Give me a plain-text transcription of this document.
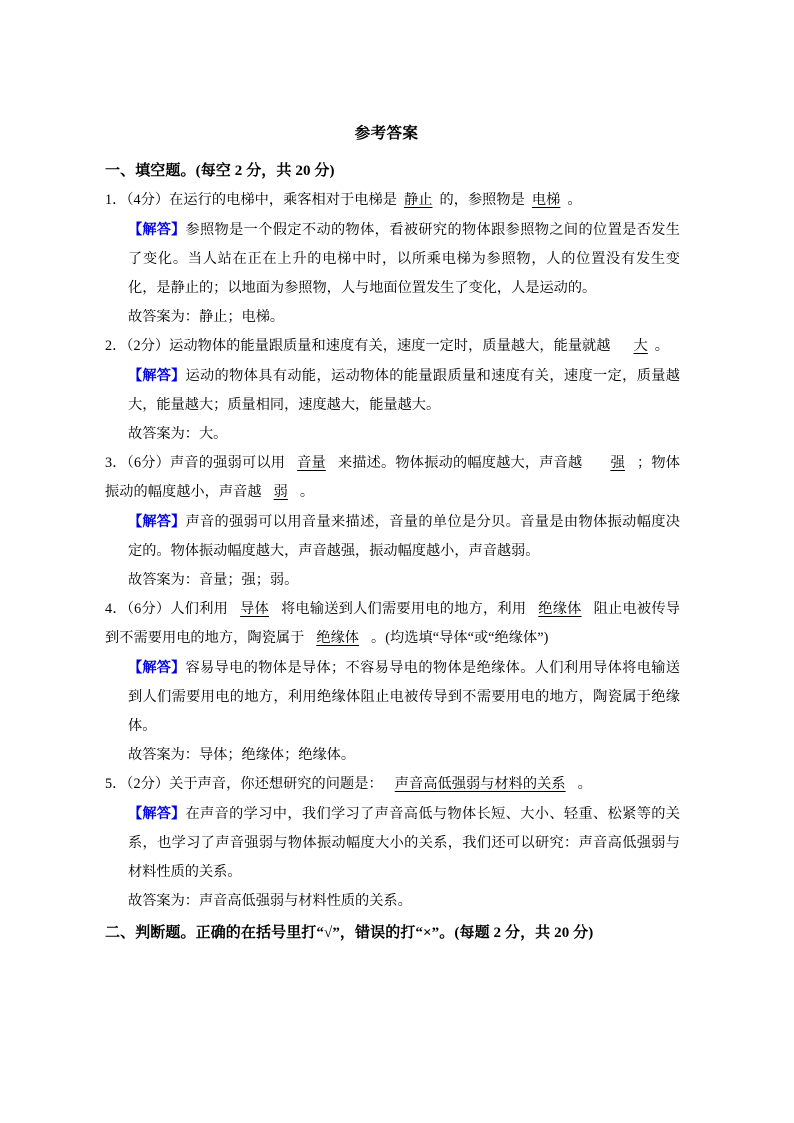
参考答案
一、填空题。(每空 2 分，共 20 分)
1．（4分）在运行的电梯中，乘客相对于电梯是 静止 的，参照物是 电梯 。
【解答】参照物是一个假定不动的物体，看被研究的物体跟参照物之间的位置是否发生了变化。当人站在正在上升的电梯中时，以所乘电梯为参照物，人的位置没有发生变化，是静止的；以地面为参照物，人与地面位置发生了变化，人是运动的。
故答案为：静止；电梯。
2．（2分）运动物体的能量跟质量和速度有关，速度一定时，质量越大，能量就越 大 。
【解答】运动的物体具有动能，运动物体的能量跟质量和速度有关，速度一定，质量越大，能量越大；质量相同，速度越大，能量越大。
故答案为：大。
3．（6分）声音的强弱可以用 音量 来描述。物体振动的幅度越大，声音越 强 ；物体振动的幅度越小，声音越 弱 。
【解答】声音的强弱可以用音量来描述，音量的单位是分贝。音量是由物体振动幅度决定的。物体振动幅度越大，声音越强，振动幅度越小，声音越弱。
故答案为：音量；强；弱。
4．（6分）人们利用 导体 将电输送到人们需要用电的地方，利用 绝缘体 阻止电被传导到不需要用电的地方，陶瓷属于 绝缘体 。(均选填“导体“或“绝缘体”)
【解答】容易导电的物体是导体；不容易导电的物体是绝缘体。人们利用导体将电输送到人们需要用电的地方，利用绝缘体阻止电被传导到不需要用电的地方，陶瓷属于绝缘体。
故答案为：导体；绝缘体；绝缘体。
5．（2分）关于声音，你还想研究的问题是： 声音高低强弱与材料的关系 。
【解答】在声音的学习中，我们学习了声音高低与物体长短、大小、轻重、松紧等的关系，也学习了声音强弱与物体振动幅度大小的关系，我们还可以研究：声音高低强弱与材料性质的关系。
故答案为：声音高低强弱与材料性质的关系。
二、判断题。正确的在括号里打“√”，错误的打“×”。(每题 2 分，共 20 分)
